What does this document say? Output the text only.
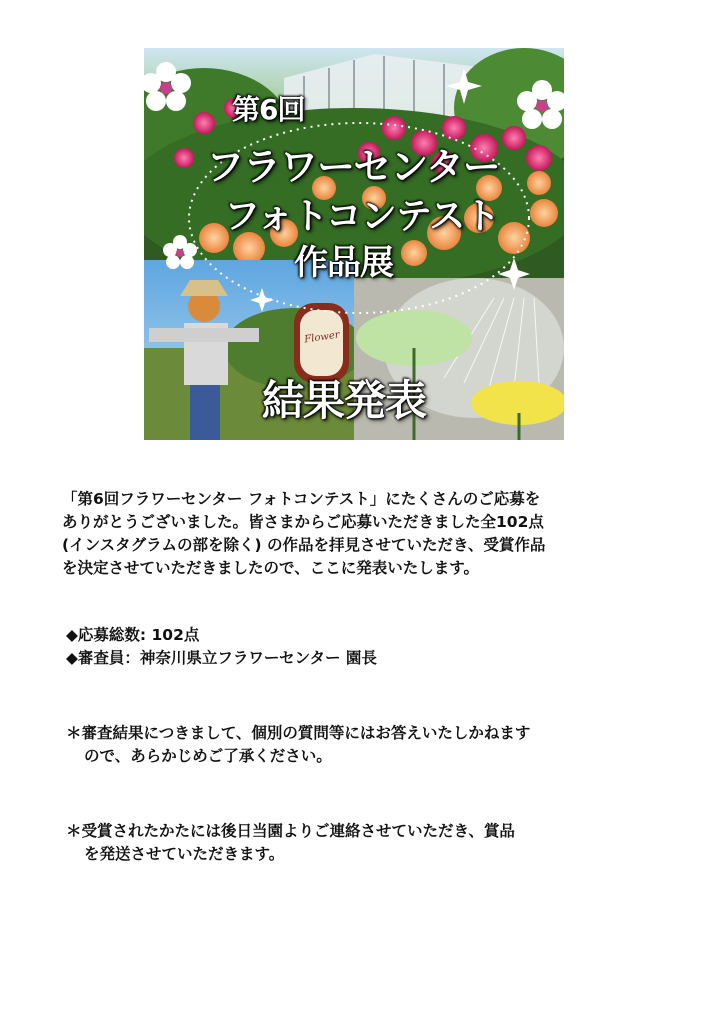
第6回
フラワーセンター
フォトコンテスト
作品展
結果発表
Flower
「第6回フラワーセンター フォトコンテスト」にたくさんのご応募を
ありがとうございました。皆さまからご応募いただきました全102点
(インスタグラムの部を除く) の作品を拝見させていただき、受賞作品
を決定させていただきましたので、ここに発表いたします。
◆応募総数: 102点
◆審査員：神奈川県立フラワーセンター 園長
＊審査結果につきまして、個別の質問等にはお答えいたしかねます
ので、あらかじめご了承ください。
＊受賞されたかたには後日当園よりご連絡させていただき、賞品
を発送させていただきます。
